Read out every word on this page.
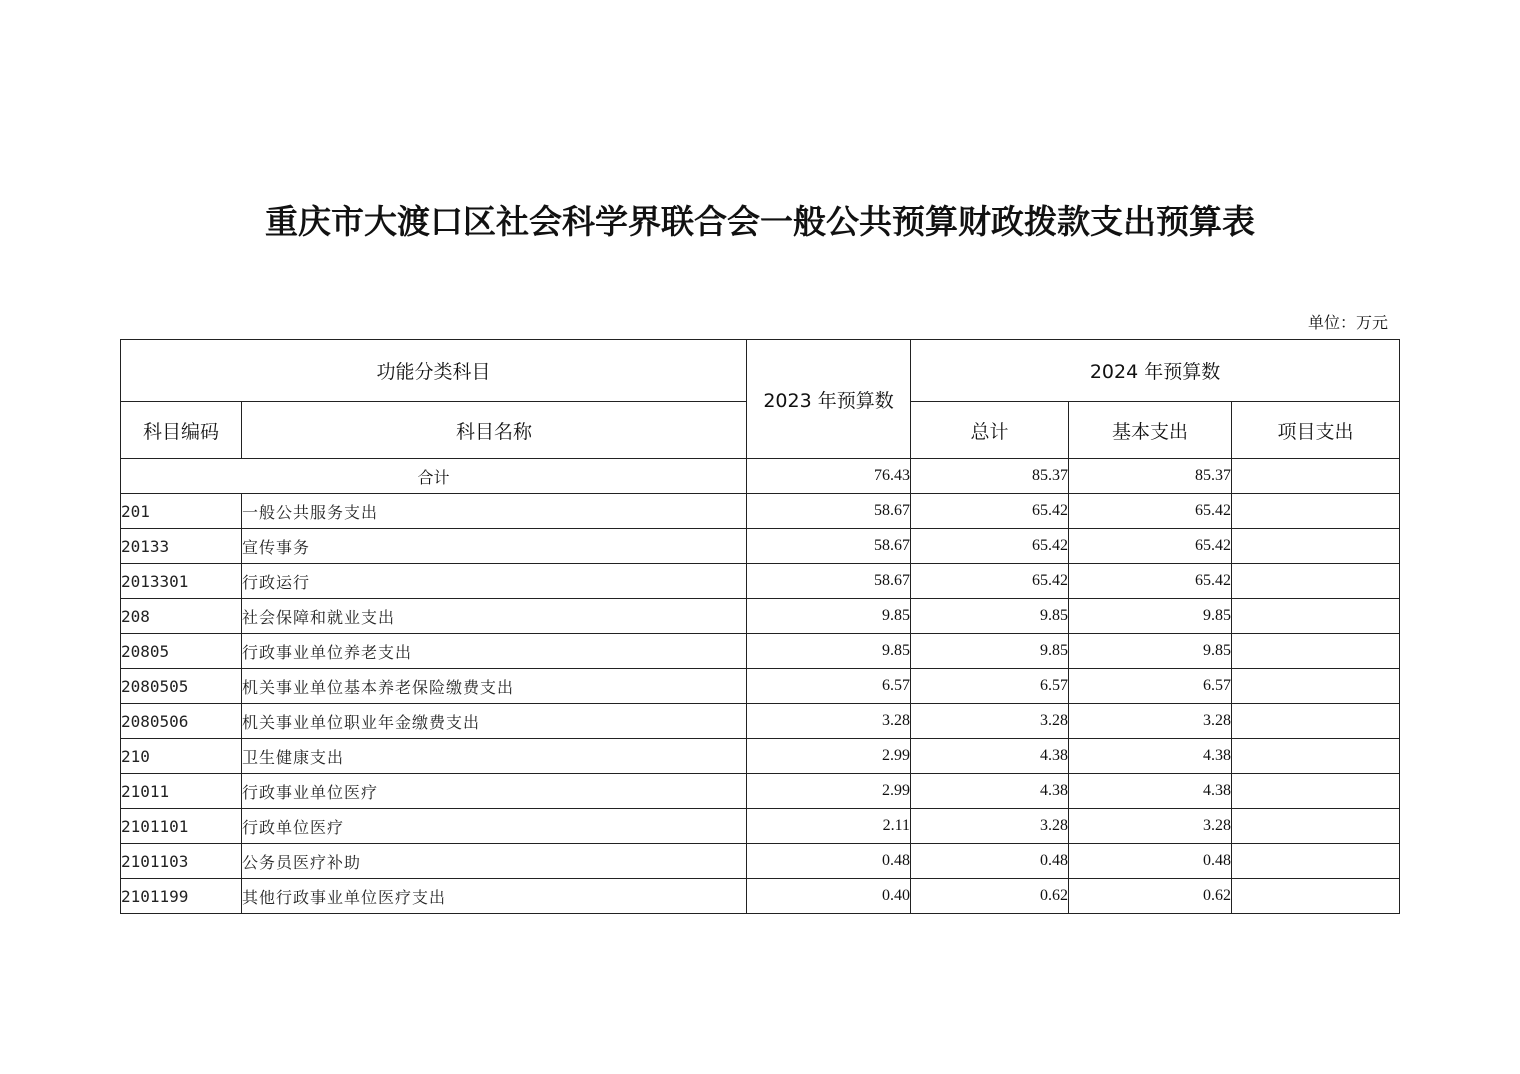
重庆市大渡口区社会科学界联合会一般公共预算财政拨款支出预算表
单位：万元
功能分类科目		2023 年预算数	2024 年预算数		
科目编码	科目名称		总计	基本支出	项目支出
合计		76.43	85.37	85.37	
201	一般公共服务支出	58.67	65.42	65.42	
20133	宣传事务	58.67	65.42	65.42	
2013301	行政运行	58.67	65.42	65.42	
208	社会保障和就业支出	9.85	9.85	9.85	
20805	行政事业单位养老支出	9.85	9.85	9.85	
2080505	机关事业单位基本养老保险缴费支出	6.57	6.57	6.57	
2080506	机关事业单位职业年金缴费支出	3.28	3.28	3.28	
210	卫生健康支出	2.99	4.38	4.38	
21011	行政事业单位医疗	2.99	4.38	4.38	
2101101	行政单位医疗	2.11	3.28	3.28	
2101103	公务员医疗补助	0.48	0.48	0.48	
2101199	其他行政事业单位医疗支出	0.40	0.62	0.62	
